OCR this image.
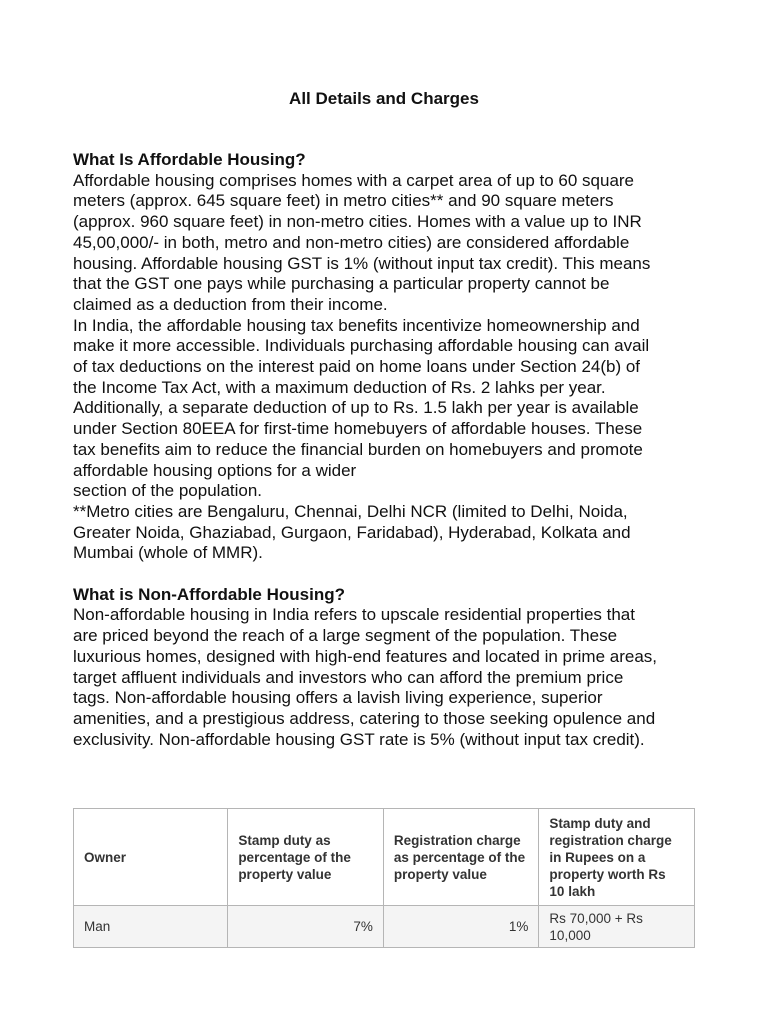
All Details and Charges

What Is Affordable Housing?

Affordable housing comprises homes with a carpet area of up to 60 square

meters (approx. 645 square feet) in metro cities** and 90 square meters

(approx. 960 square feet) in non-metro cities. Homes with a value up to INR

45,00,000/- in both, metro and non-metro cities) are considered affordable

housing. Affordable housing GST is 1% (without input tax credit). This means

that the GST one pays while purchasing a particular property cannot be

claimed as a deduction from their income.

In India, the affordable housing tax benefits incentivize homeownership and

make it more accessible. Individuals purchasing affordable housing can avail

of tax deductions on the interest paid on home loans under Section 24(b) of

the Income Tax Act, with a maximum deduction of Rs. 2 lahks per year.

Additionally, a separate deduction of up to Rs. 1.5 lakh per year is available

under Section 80EEA for first-time homebuyers of affordable houses. These

tax benefits aim to reduce the financial burden on homebuyers and promote

affordable housing options for a wider

section of the population.

**Metro cities are Bengaluru, Chennai, Delhi NCR (limited to Delhi, Noida,

Greater Noida, Ghaziabad, Gurgaon, Faridabad), Hyderabad, Kolkata and

Mumbai (whole of MMR).

What is Non-Affordable Housing?

Non-affordable housing in India refers to upscale residential properties that

are priced beyond the reach of a large segment of the population. These

luxurious homes, designed with high-end features and located in prime areas,

target affluent individuals and investors who can afford the premium price

tags. Non-affordable housing offers a lavish living experience, superior

amenities, and a prestigious address, catering to those seeking opulence and

exclusivity. Non-affordable housing GST rate is 5% (without input tax credit).

Owner	Stamp duty as percentage of the property value	Registration charge as percentage of the property value	Stamp duty and registration charge in Rupees on a property worth Rs 10 lakh
Man	7%	1%	Rs 70,000 + Rs 10,000
